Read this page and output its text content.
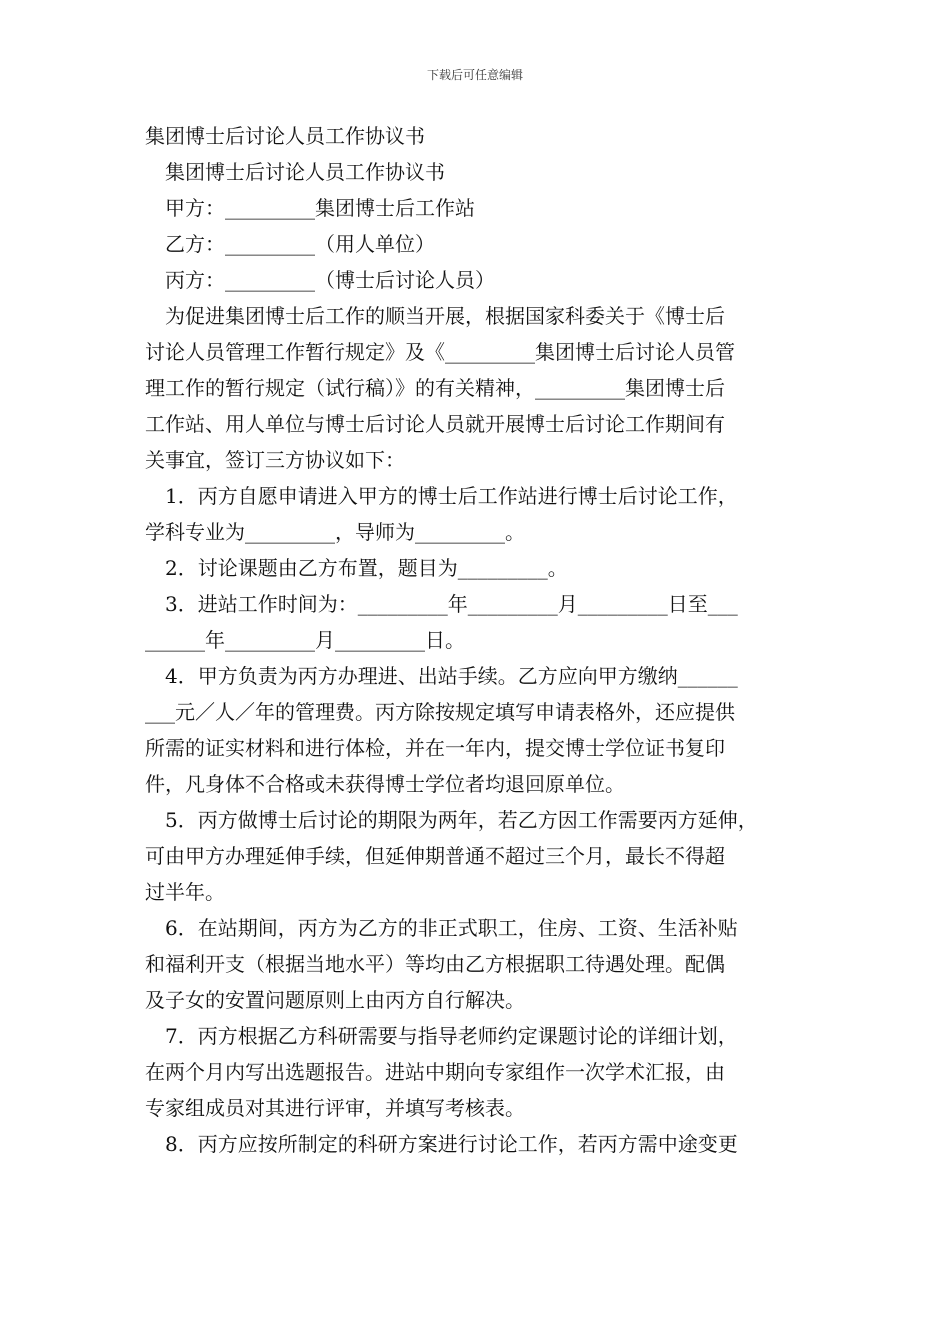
下载后可任意编辑
集团博士后讨论人员工作协议书
集团博士后讨论人员工作协议书
甲方：_________集团博士后工作站
乙方：_________（用人单位）
丙方：_________（博士后讨论人员）

为促进集团博士后工作的顺当开展，根据国家科委关于《博士后

讨论人员管理工作暂行规定》及《_________集团博士后讨论人员管

理工作的暂行规定（试行稿）》的有关精神，_________集团博士后

工作站、用人单位与博士后讨论人员就开展博士后讨论工作期间有

关事宜，签订三方协议如下：

1．丙方自愿申请进入甲方的博士后工作站进行博士后讨论工作，

学科专业为_________，导师为_________。

2．讨论课题由乙方布置，题目为_________。

3．进站工作时间为：_________年_________月_________日至___

______年_________月_________日。

4．甲方负责为丙方办理进、出站手续。乙方应向甲方缴纳______

___元／人／年的管理费。丙方除按规定填写申请表格外，还应提供

所需的证实材料和进行体检，并在一年内，提交博士学位证书复印

件，凡身体不合格或未获得博士学位者均退回原单位。

5．丙方做博士后讨论的期限为两年，若乙方因工作需要丙方延伸，

可由甲方办理延伸手续，但延伸期普通不超过三个月，最长不得超

过半年。

6．在站期间，丙方为乙方的非正式职工，住房、工资、生活补贴

和福利开支（根据当地水平）等均由乙方根据职工待遇处理。配偶

及子女的安置问题原则上由丙方自行解决。

7．丙方根据乙方科研需要与指导老师约定课题讨论的详细计划，

在两个月内写出选题报告。进站中期向专家组作一次学术汇报，由

专家组成员对其进行评审，并填写考核表。

8．丙方应按所制定的科研方案进行讨论工作，若丙方需中途变更
